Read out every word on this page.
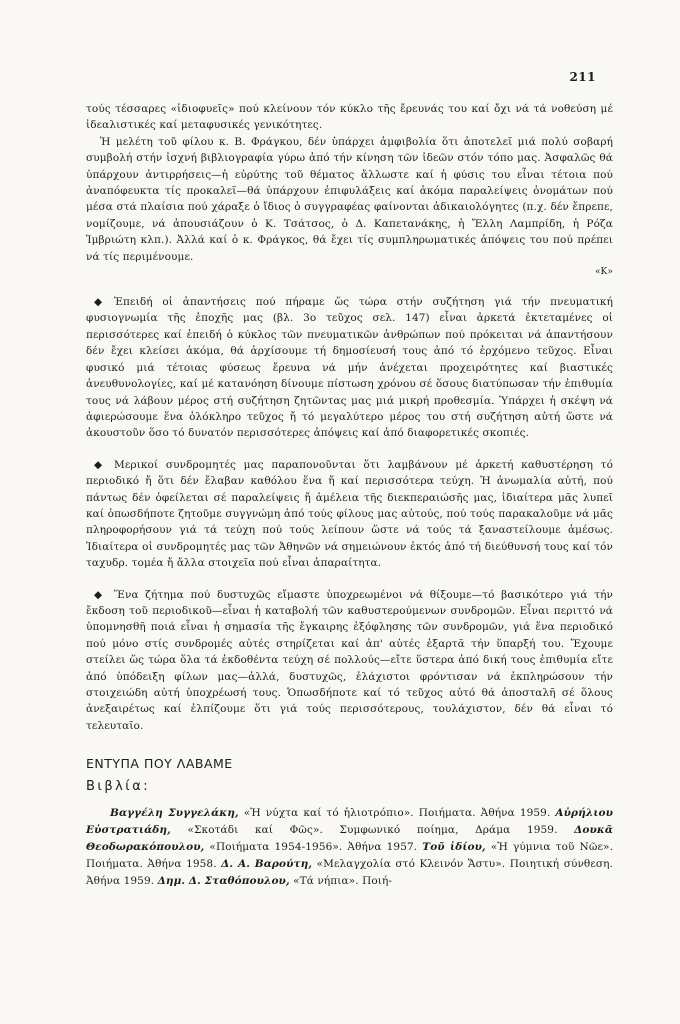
211

τούς τέσσαρες «ἰδιοφυεῖς» πού κλείνουν τόν κύκλο τῆς ἔρευνάς του καί ὄχι νά τά νοθεύση μέ ἰδεαλιστικές καί μεταφυσικές γενικότητες.

Ἡ μελέτη τοῦ φίλου κ. Β. Φράγκου, δέν ὑπάρχει ἀμφιβολία ὅτι ἀποτελεῖ μιά πολύ σοβαρή συμβολή στήν ἰσχνή βιβλιογραφία γύρω ἀπό τήν κίνηση τῶν ἰδεῶν στόν τόπο μας. Ἀσφαλῶς θά ὑπάρχουν ἀντιρρήσεις—ἡ εὐρύτης τοῦ θέματος ἄλλωστε καί ἡ φύσις του εἶναι τέτοια πού ἀναπόφευκτα τίς προκαλεῖ—θά ὑπάρχουν ἐπιφυλάξεις καί ἀκόμα παραλείψεις ὀνομάτων πού μέσα στά πλαίσια πού χάραξε ὁ ἴδιος ὁ συγγραφέας φαίνονται ἀδικαιολόγητες (π.χ. δέν ἔπρεπε, νομίζουμε, νά ἀπουσιάζουν ὁ Κ. Τσάτσος, ὁ Δ. Καπετανάκης, ἡ Ἔλλη Λαμπρίδη, ἡ Ρόζα Ἰμβριώτη κλπ.). Ἀλλά καί ὁ κ. Φράγκος, θά ἔχει τίς συμπληρωματικές ἀπόψεις του πού πρέπει νά τίς περιμένουμε.

«Κ»

◆ Ἐπειδή οἱ ἀπαντήσεις πού πήραμε ὥς τώρα στήν συζήτηση γιά τήν πνευματική φυσιογνωμία τῆς ἐποχῆς μας (βλ. 3ο τεῦχος σελ. 147) εἶναι ἀρκετά ἐκτεταμένες οἱ περισσότερες καί ἐπειδή ὁ κύκλος τῶν πνευματικῶν ἀνθρώπων πού πρόκειται νά ἀπαντήσουν δέν ἔχει κλείσει ἀκόμα, θά ἀρχίσουμε τή δημοσίευσή τους ἀπό τό ἐρχόμενο τεῦχος. Εἶναι φυσικό μιά τέτοιας φύσεως ἔρευνα νά μήν ἀνέχεται προχειρότητες καί βιαστικές ἀνευθυνολογίες, καί μέ κατανόηση δίνουμε πίστωση χρόνου σέ ὅσους διατύπωσαν τήν ἐπιθυμία τους νά λάβουν μέρος στή συζήτηση ζητῶντας μας μιά μικρή προθεσμία. Ὑπάρχει ἡ σκέψη νά ἀφιερώσουμε ἕνα ὁλόκληρο τεῦχος ἤ τό μεγαλύτερο μέρος του στή συζήτηση αὐτή ὥστε νά ἀκουστοῦν ὅσο τό δυνατόν περισσότερες ἀπόψεις καί ἀπό διαφορετικές σκοπιές.

◆ Μερικοί συνδρομητές μας παραπονοῦνται ὅτι λαμβάνουν μέ ἀρκετή καθυστέρηση τό περιοδικό ἤ ὅτι δέν ἔλαβαν καθόλου ἕνα ἤ καί περισσότερα τεύχη. Ἡ ἀνωμαλία αὐτή, πού πάντως δέν ὀφείλεται σέ παραλείψεις ἤ ἀμέλεια τῆς διεκπεραιώσῆς μας, ἰδιαίτερα μᾶς λυπεῖ καί ὁπωσδήποτε ζητοῦμε συγγνώμη ἀπό τούς φίλους μας αὐτούς, πού τούς παρακαλοῦμε νά μᾶς πληροφορήσουν γιά τά τεύχη πού τούς λείπουν ὥστε νά τούς τά ξαναστείλουμε ἀμέσως. Ἰδιαίτερα οἱ συνδρομητές μας τῶν Ἀθηνῶν νά σημειώνουν ἐκτός ἀπό τή διεύθυνσή τους καί τόν ταχυδρ. τομέα ἤ ἄλλα στοιχεῖα πού εἶναι ἀπαραίτητα.

◆ Ἕνα ζήτημα πού δυστυχῶς εἴμαστε ὑποχρεωμένοι νά θίξουμε—τό βασικότερο γιά τήν ἔκδοση τοῦ περιοδικοῦ—εἶναι ἡ καταβολή τῶν καθυστερούμενων συνδρομῶν. Εἶναι περιττό νά ὑπομνησθῆ ποιά εἶναι ἡ σημασία τῆς ἔγκαιρης ἐξόφλησης τῶν συνδρομῶν, γιά ἕνα περιοδικό πού μόνο στίς συνδρομές αὐτές στηρίζεται καί ἀπ' αὐτές ἐξαρτᾶ τήν ὕπαρξή του. Ἔχουμε στείλει ὥς τώρα ὅλα τά ἐκδοθέντα τεύχη σέ πολλούς—εἴτε ὕστερα ἀπό δική τους ἐπιθυμία εἴτε ἀπό ὑπόδειξη φίλων μας—ἀλλά, δυστυχῶς, ἐλάχιστοι φρόντισαν νά ἐκπληρώσουν τήν στοιχειώδη αὐτή ὑποχρέωσή τους. Ὁπωσδήποτε καί τό τεῦχος αὐτό θά ἀποσταλῆ σέ ὅλους ἀνεξαιρέτως καί ἐλπίζουμε ὅτι γιά τούς περισσότερους, τουλάχιστον, δέν θά εἶναι τό τελευταῖο.

ΕΝΤΥΠΑ ΠΟΥ ΛΑΒΑΜΕ

Βιβλία:

Βαγγέλη Συγγελάκη, «Ἡ νύχτα καί τό ἡλιοτρόπιο». Ποιήματα. Ἀθήνα 1959. Αὐρήλιου Εὐστρατιάδη, «Σκοτάδι καί Φῶς». Συμφωνικό ποίημα, Δράμα 1959. Δουκᾶ Θεοδωρακόπουλου, «Ποιήματα 1954-1956». Ἀθήνα 1957. Τοῦ ἰδίου, «Ἡ γύμνια τοῦ Νῶε». Ποιήματα. Ἀθήνα 1958. Δ. Α. Βαρούτη, «Μελαγχολία στό Κλεινόν Ἄστυ». Ποιητική σύνθεση. Ἀθήνα 1959. Δημ. Δ. Σταθόπουλου, «Τά νήπια». Ποιή-
